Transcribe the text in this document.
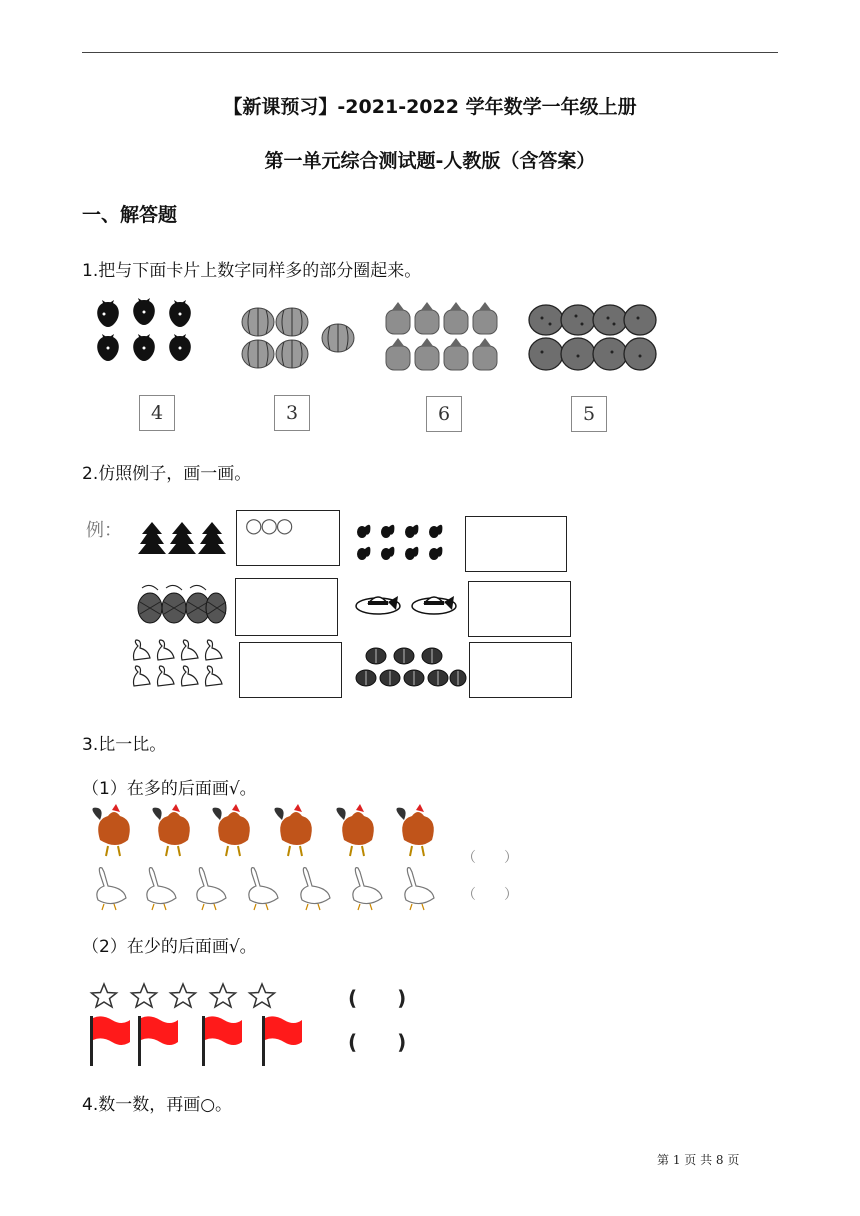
【新课预习】-2021-2022 学年数学一年级上册
第一单元综合测试题-人教版（含答案）
一、解答题
1.把与下面卡片上数字同样多的部分圈起来。
4	3	6	5
2.仿照例子，画一画。
例：	○○○
3.比一比。
（1）在多的后面画√。
（　　）
（　　）
（2）在少的后面画√。
(　　)
(　　)
4.数一数，再画○。
第 1 页 共 8 页
